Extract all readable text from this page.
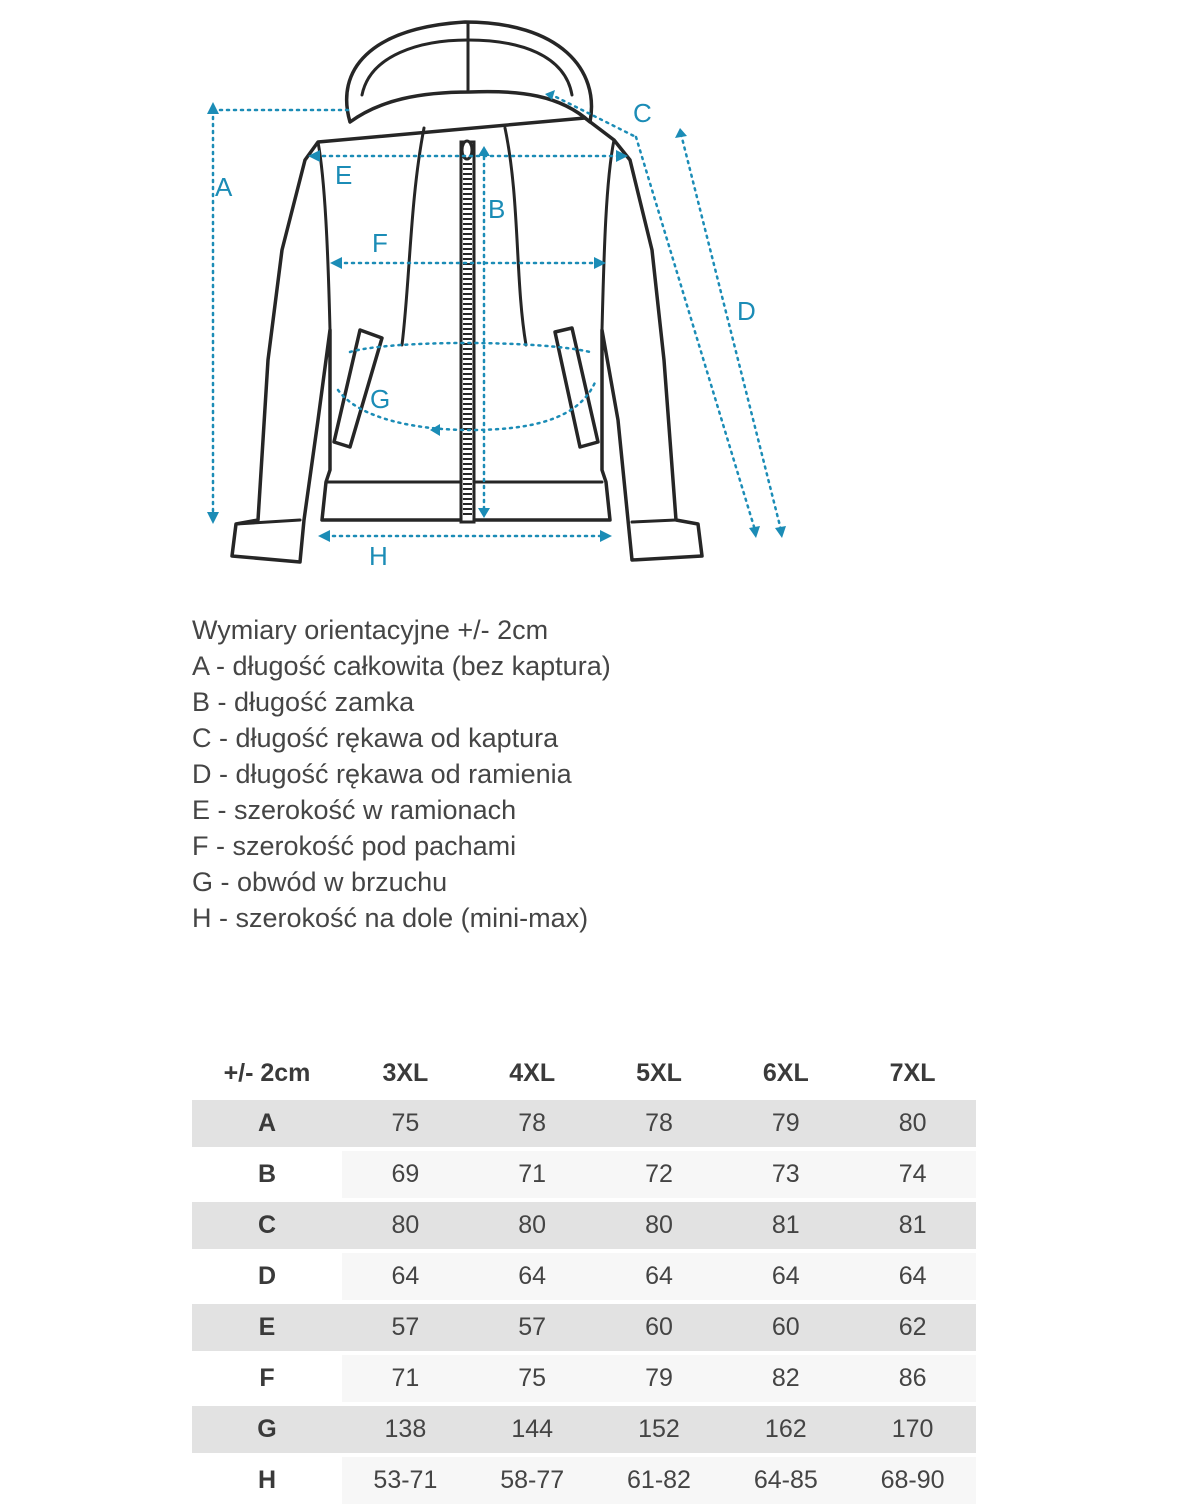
A
B
C
D
E
F
G
H
Wymiary orientacyjne +/- 2cm
A - długość całkowita (bez kaptura)
B - długość zamka
C - długość rękawa od kaptura
D - długość rękawa od ramienia
E - szerokość w ramionach
F - szerokość pod pachami
G - obwód w brzuchu
H - szerokość na dole (mini-max)
+/- 2cm	3XL	4XL	5XL	6XL	7XL
A	75	78	78	79	80
B	69	71	72	73	74
C	80	80	80	81	81
D	64	64	64	64	64
E	57	57	60	60	62
F	71	75	79	82	86
G	138	144	152	162	170
H	53-71	58-77	61-82	64-85	68-90
